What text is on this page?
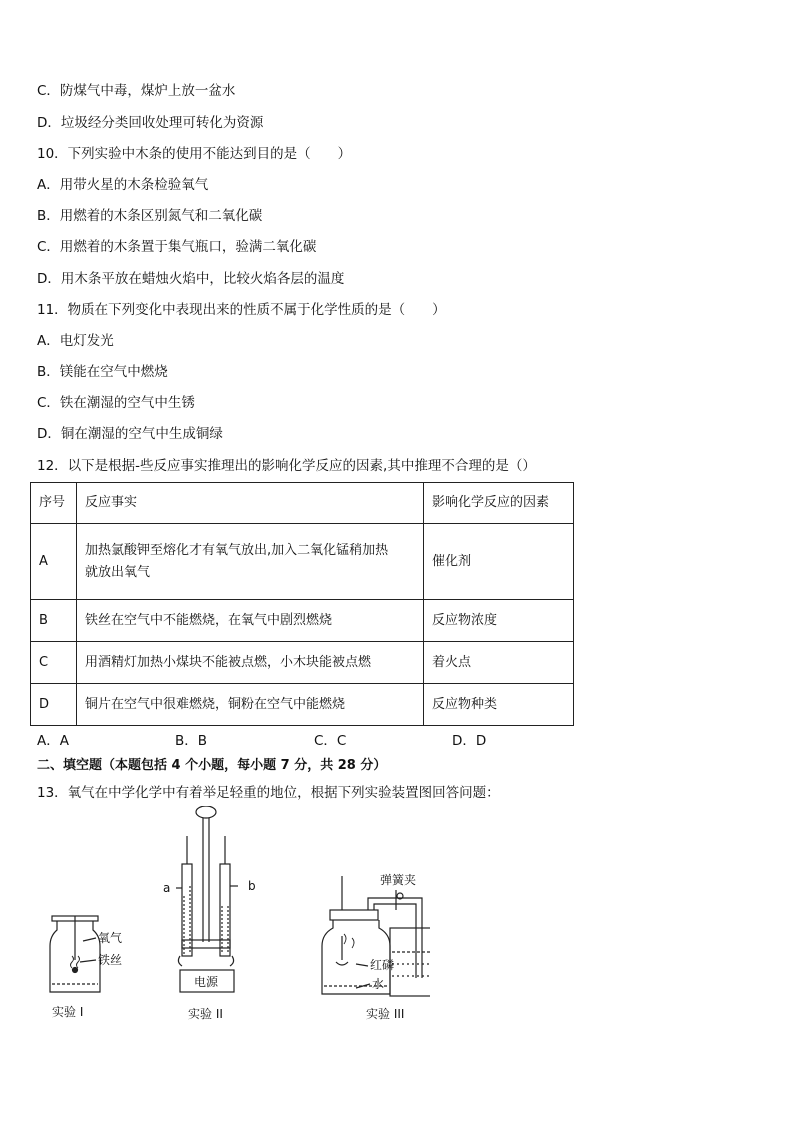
C．防煤气中毒，煤炉上放一盆水
D．垃圾经分类回收处理可转化为资源
10．下列实验中木条的使用不能达到目的是（　　）
A．用带火星的木条检验氧气
B．用燃着的木条区别氮气和二氧化碳
C．用燃着的木条置于集气瓶口，验满二氧化碳
D．用木条平放在蜡烛火焰中，比较火焰各层的温度
11．物质在下列变化中表现出来的性质不属于化学性质的是（　　）
A．电灯发光
B．镁能在空气中燃烧
C．铁在潮湿的空气中生锈
D．铜在潮湿的空气中生成铜绿
12．以下是根据-些反应事实推理出的影响化学反应的因素,其中推理不合理的是（）
序号	反应事实	影响化学反应的因素
A	加热氯酸钾至熔化才有氧气放出,加入二氧化锰稍加热
就放出氧气	催化剂
B	铁丝在空气中不能燃烧，在氧气中剧烈燃烧	反应物浓度
C	用酒精灯加热小煤块不能被点燃，小木块能被点燃	着火点
D	铜片在空气中很难燃烧，铜粉在空气中能燃烧	反应物种类
A．A	B．B	C．C	D．D
二、填空题（本题包括 4 个小题，每小题 7 分，共 28 分）
13．氧气在中学化学中有着举足轻重的地位，根据下列实验装置图回答问题：
氧气
铁丝
实验 I
a	b
电源
实验 II
弹簧夹
红磷
水
实验 III
